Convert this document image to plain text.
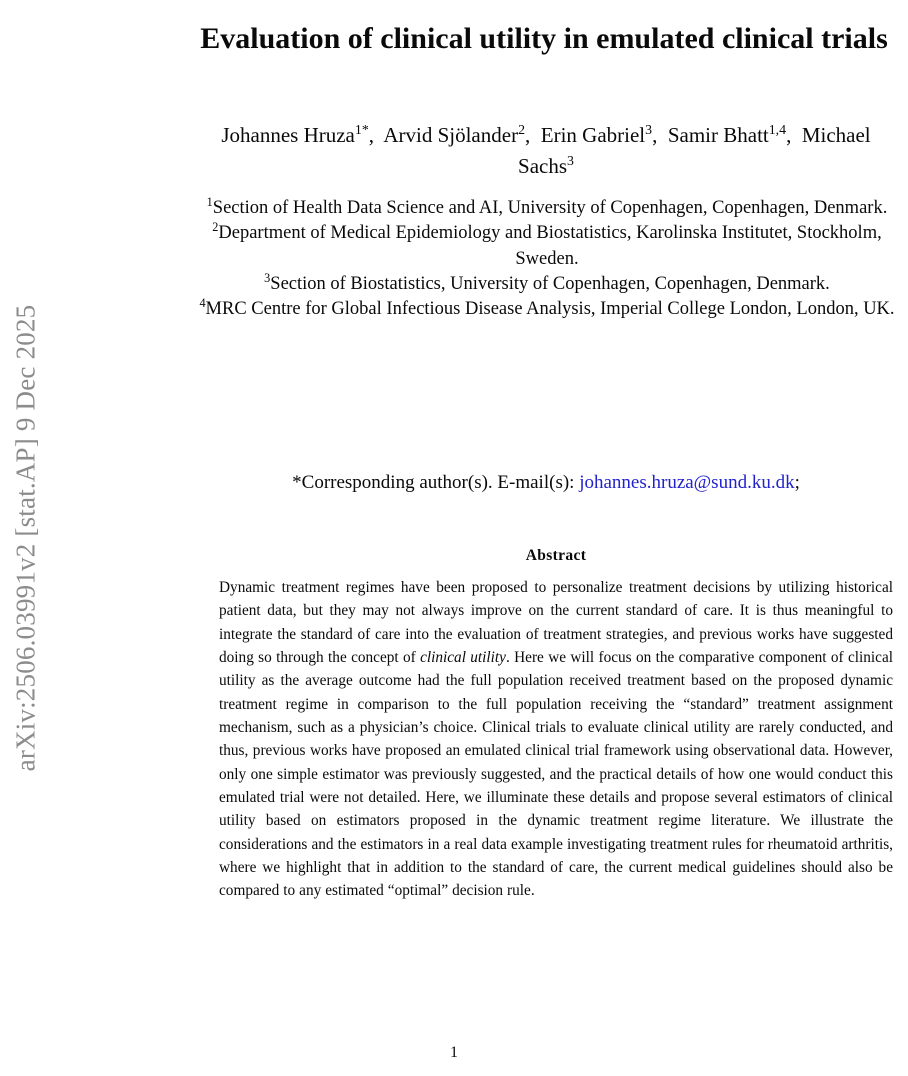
arXiv:2506.03991v2 [stat.AP] 9 Dec 2025
Evaluation of clinical utility in emulated clinical trials
Johannes Hruza$^{1*}$,  Arvid Sjölander$^2$,  Erin Gabriel$^3$,  Samir Bhatt$^{1,4}$,  Michael Sachs$^3$
$^1$Section of Health Data Science and AI, University of Copenhagen, Copenhagen, Denmark.
$^2$Department of Medical Epidemiology and Biostatistics, Karolinska Institutet, Stockholm, Sweden.
$^3$Section of Biostatistics, University of Copenhagen, Copenhagen, Denmark.
$^4$MRC Centre for Global Infectious Disease Analysis, Imperial College London, London, UK.
*Corresponding author(s). E-mail(s): johannes.hruza@sund.ku.dk;
Abstract
Dynamic treatment regimes have been proposed to personalize treatment decisions by utilizing historical patient data, but they may not always improve on the current standard of care. It is thus meaningful to integrate the standard of care into the evaluation of treatment strategies, and previous works have suggested doing so through the concept of clinical utility. Here we will focus on the comparative component of clinical utility as the average outcome had the full population received treatment based on the proposed dynamic treatment regime in comparison to the full population receiving the “standard” treatment assignment mechanism, such as a physician’s choice. Clinical trials to evaluate clinical utility are rarely conducted, and thus, previous works have proposed an emulated clinical trial framework using observational data. However, only one simple estimator was previously suggested, and the practical details of how one would conduct this emulated trial were not detailed. Here, we illuminate these details and propose several estimators of clinical utility based on estimators proposed in the dynamic treatment regime literature. We illustrate the considerations and the estimators in a real data example investigating treatment rules for rheumatoid arthritis, where we highlight that in addition to the standard of care, the current medical guidelines should also be compared to any estimated “optimal” decision rule.
1
